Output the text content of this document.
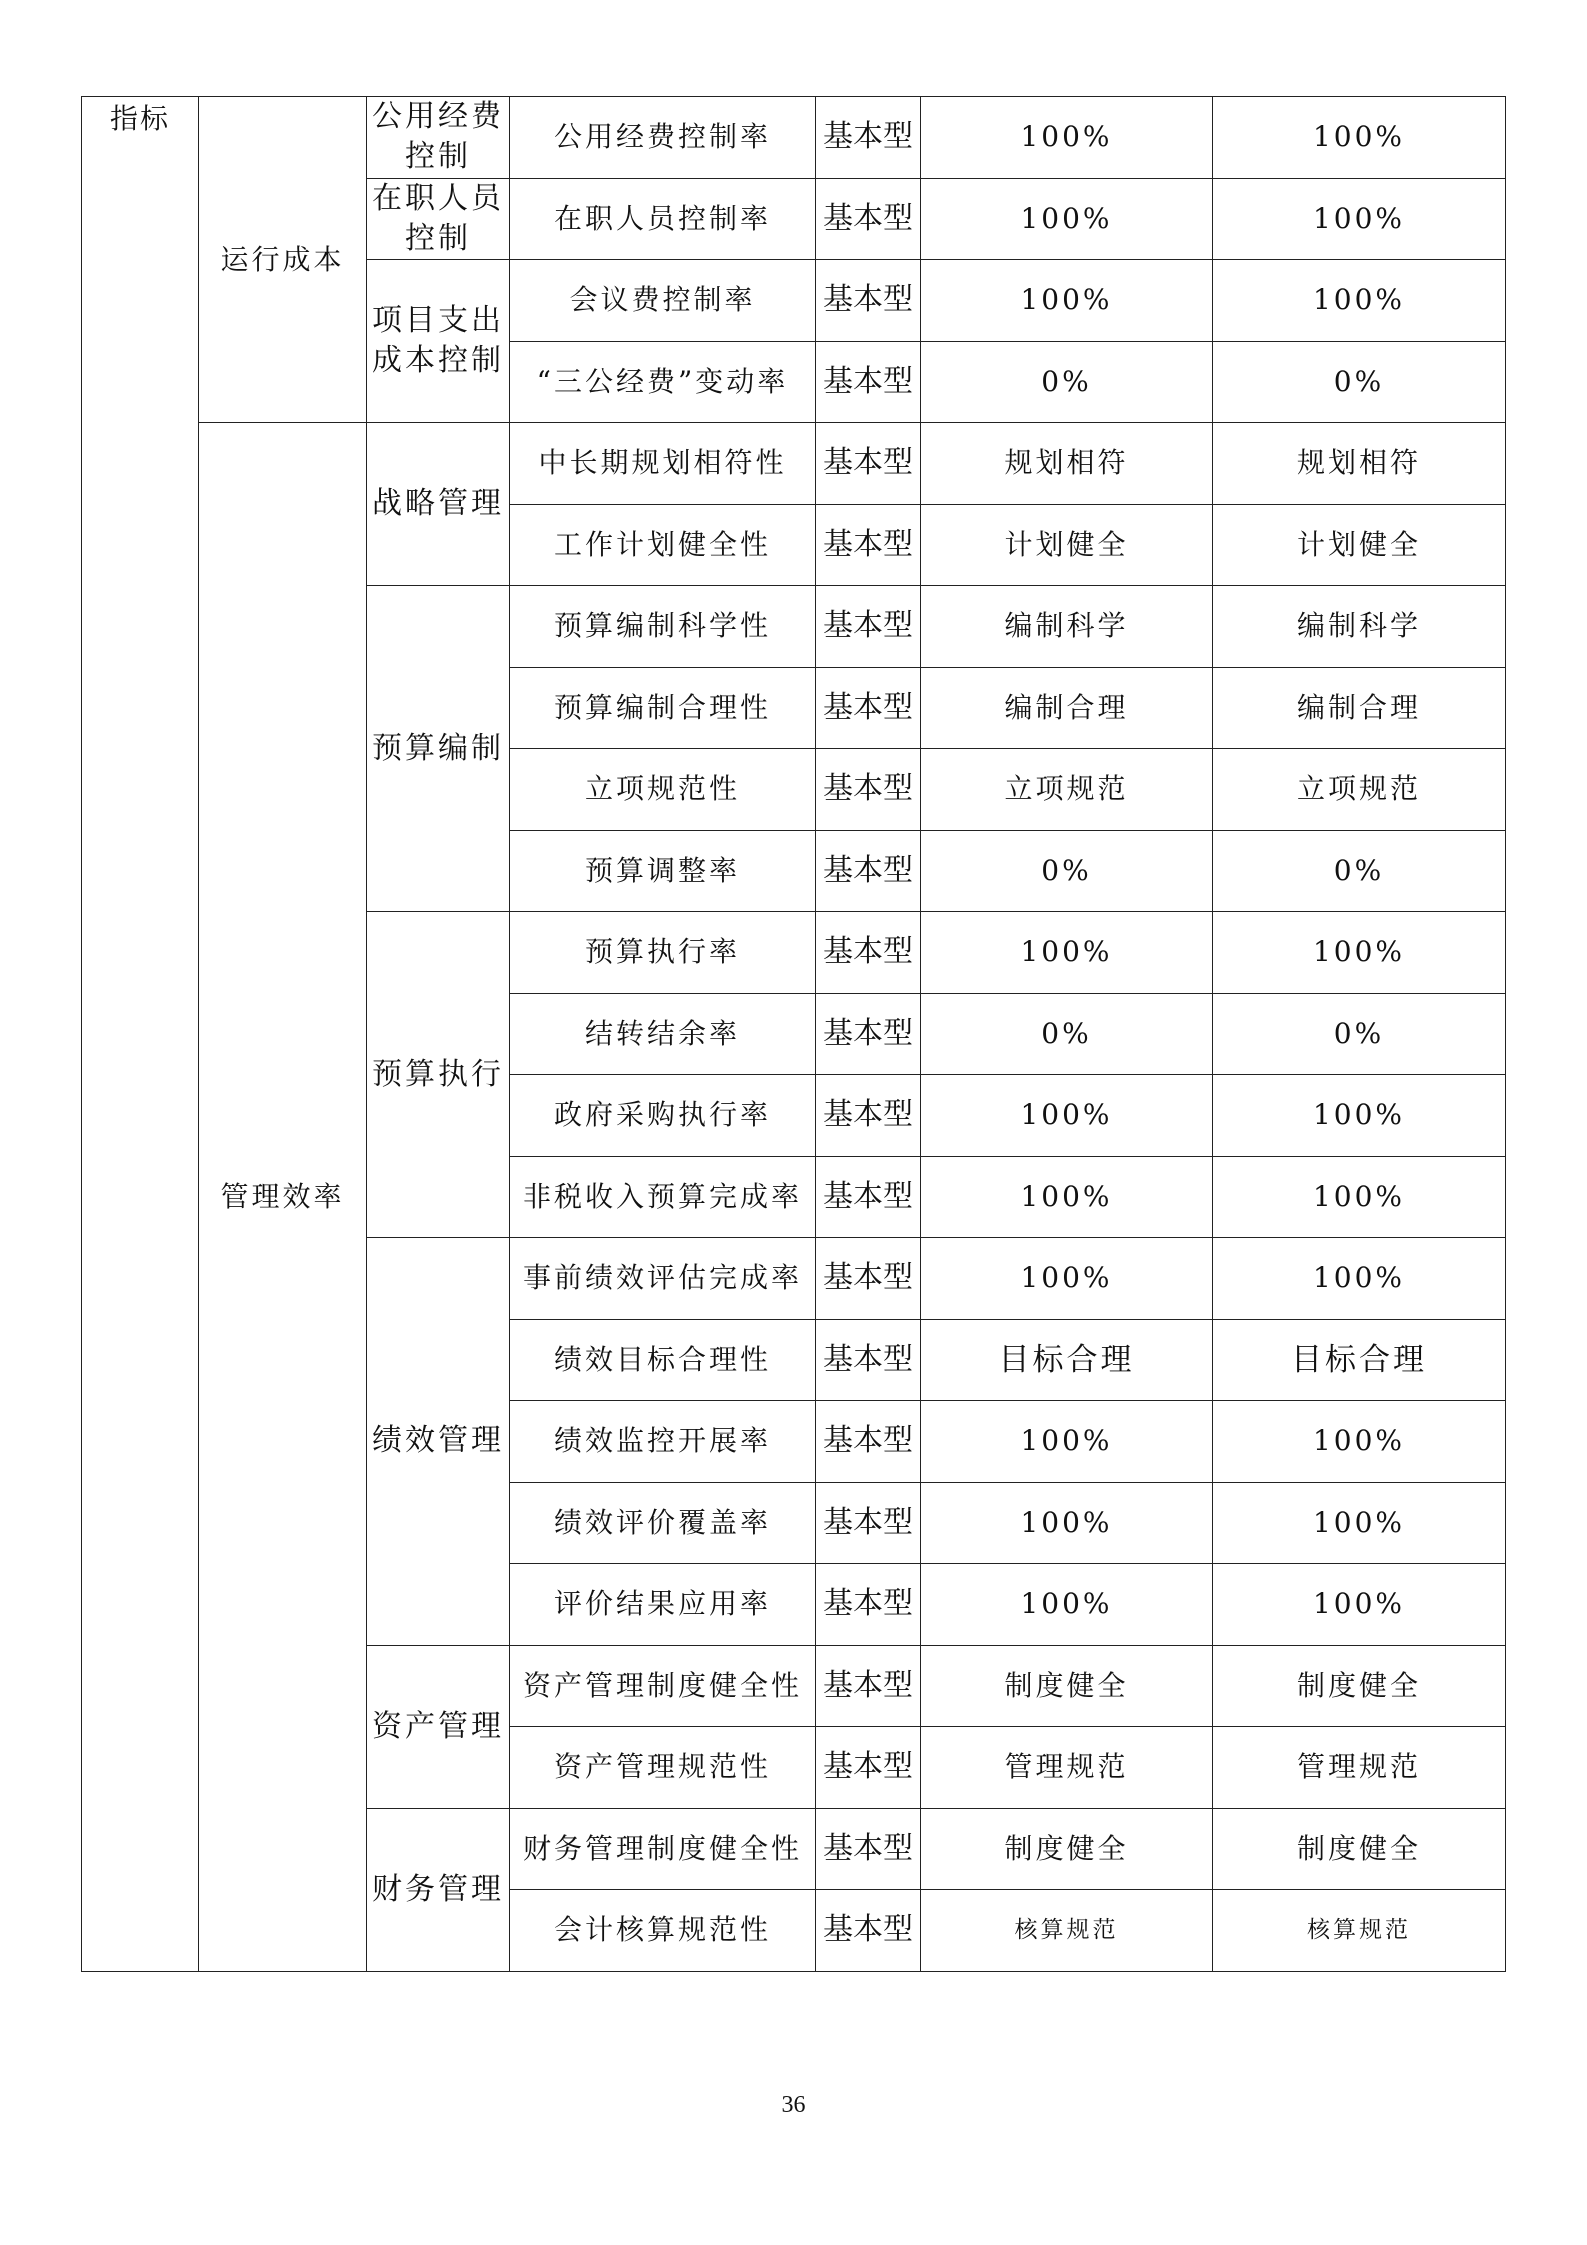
指标	运行成本	公用经费控制	公用经费控制率	基本型	100%	100%
		在职人员控制	在职人员控制率	基本型	100%	100%
		项目支出成本控制	会议费控制率	基本型	100%	100%
			“三公经费”变动率	基本型	0%	0%
	管理效率	战略管理	中长期规划相符性	基本型	规划相符	规划相符
			工作计划健全性	基本型	计划健全	计划健全
		预算编制	预算编制科学性	基本型	编制科学	编制科学
			预算编制合理性	基本型	编制合理	编制合理
			立项规范性	基本型	立项规范	立项规范
			预算调整率	基本型	0%	0%
		预算执行	预算执行率	基本型	100%	100%
			结转结余率	基本型	0%	0%
			政府采购执行率	基本型	100%	100%
			非税收入预算完成率	基本型	100%	100%
		绩效管理	事前绩效评估完成率	基本型	100%	100%
			绩效目标合理性	基本型	目标合理	目标合理
			绩效监控开展率	基本型	100%	100%
			绩效评价覆盖率	基本型	100%	100%
			评价结果应用率	基本型	100%	100%
		资产管理	资产管理制度健全性	基本型	制度健全	制度健全
			资产管理规范性	基本型	管理规范	管理规范
		财务管理	财务管理制度健全性	基本型	制度健全	制度健全
			会计核算规范性	基本型	核算规范	核算规范
36
